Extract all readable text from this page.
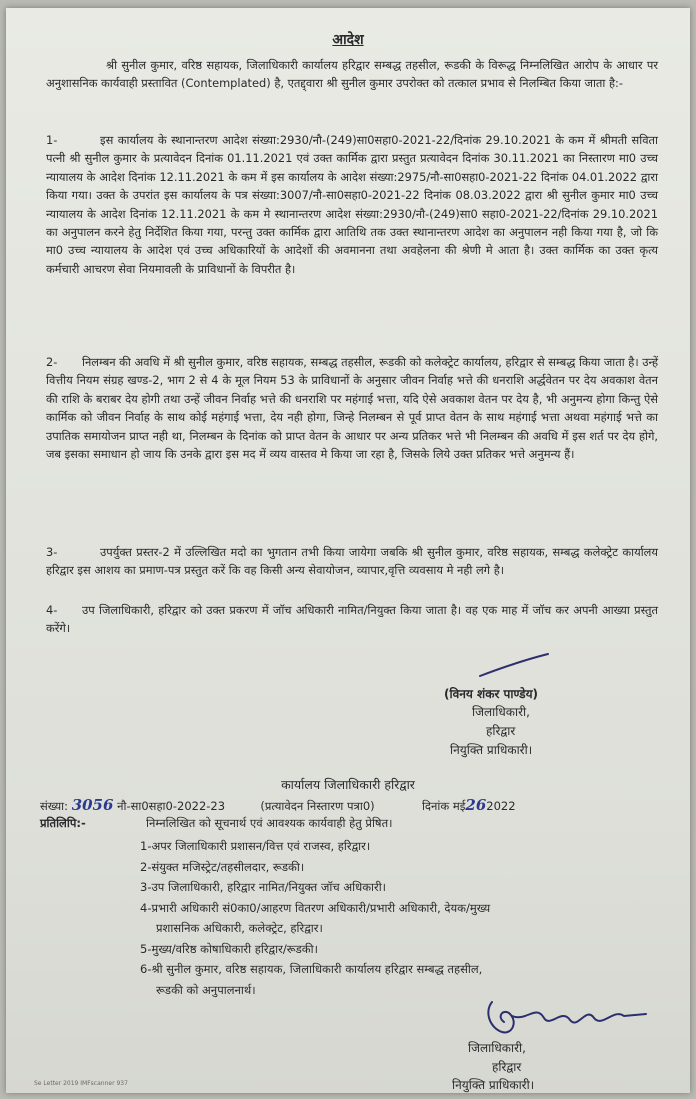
आदेश

श्री सुनील कुमार, वरिष्ठ सहायक, जिलाधिकारी कार्यालय हरिद्वार सम्बद्ध तहसील, रूडकी के विरूद्ध निम्नलिखित आरोप के आधार पर अनुशासनिक कार्यवाही प्रस्तावित (Contemplated) है, एतद्द्वारा श्री सुनील कुमार उपरोक्त को तत्काल प्रभाव से निलम्बित किया जाता है:-

1-	इस कार्यालय के स्थानान्तरण आदेश संख्या:2930/नौ-(249)सा0सहा0-2021-22/दिनांक 29.10.2021 के कम में श्रीमती सविता पत्नी श्री सुनील कुमार के प्रत्यावेदन दिनांक 01.11.2021 एवं उक्त कार्मिक द्वारा प्रस्तुत प्रत्यावेदन दिनांक 30.11.2021 का निस्तारण मा0 उच्च न्यायालय के आदेश दिनांक 12.11.2021 के कम में इस कार्यालय के आदेश संख्या:2975/नौ-सा0सहा0-2021-22 दिनांक 04.01.2022 द्वारा किया गया। उक्त के उपरांत इस कार्यालय के पत्र संख्या:3007/नौ-सा0सहा0-2021-22 दिनांक 08.03.2022 द्वारा श्री सुनील कुमार मा0 उच्च न्यायालय के आदेश दिनांक 12.11.2021 के कम मे स्थानान्तरण आदेश संख्या:2930/नौ-(249)सा0 सहा0-2021-22/दिनांक 29.10.2021 का अनुपालन करने हेतु निर्देशित किया गया, परन्तु उक्त कार्मिक द्वारा आतिथि तक उक्त स्थानान्तरण आदेश का अनुपालन नही किया गया है, जो कि मा0 उच्च न्यायालय के आदेश एवं उच्च अधिकारियों के आदेशों की अवमानना तथा अवहेलना की श्रेणी मे आता है। उक्त कार्मिक का उक्त कृत्य कर्मचारी आचरण सेवा नियमावली के प्राविधानों के विपरीत है।

2- निलम्बन की अवधि में श्री सुनील कुमार, वरिष्ठ सहायक, सम्बद्ध तहसील, रूडकी को कलेक्ट्रेट कार्यालय, हरिद्वार से सम्बद्ध किया जाता है। उन्हें वित्तीय नियम संग्रह खण्ड-2, भाग 2 से 4 के मूल नियम 53 के प्राविधानों के अनुसार जीवन निर्वाह भत्ते की धनराशि अर्द्धवेतन पर देय अवकाश वेतन की राशि के बराबर देय होगी तथा उन्हें जीवन निर्वाह भत्ते की धनराशि पर महंगाई भत्ता, यदि ऐसे अवकाश वेतन पर देय है, भी अनुमन्य होगा किन्तु ऐसे कार्मिक को जीवन निर्वाह के साथ कोई महंगाई भत्ता, देय नही होगा, जिन्हे निलम्बन से पूर्व प्राप्त वेतन के साथ महंगाई भत्ता अथवा महंगाई भत्ते का उपातिक समायोजन प्राप्त नही था, निलम्बन के दिनांक को प्राप्त वेतन के आधार पर अन्य प्रतिकर भत्ते भी निलम्बन की अवधि में इस शर्त पर देय होगे, जब इसका समाधान हो जाय कि उनके द्वारा इस मद में व्यय वास्तव मे किया जा रहा है, जिसके लिये उक्त प्रतिकर भत्ते अनुमन्य हैं।

3-	उपर्युक्त प्रस्तर-2 में उल्लिखित मदो का भुगतान तभी किया जायेगा जबकि श्री सुनील कुमार, वरिष्ठ सहायक, सम्बद्ध कलेक्ट्रेट कार्यालय हरिद्वार इस आशय का प्रमाण-पत्र प्रस्तुत करें कि वह किसी अन्य सेवायोजन, व्यापार,वृत्ति व्यवसाय मे नही लगे है।

4- उप जिलाधिकारी, हरिद्वार को उक्त प्रकरण में जॉच अधिकारी नामित/नियुक्त किया जाता है। वह एक माह में जॉच कर अपनी आख्या प्रस्तुत करेंगे।

(विनय शंकर पाण्डेय)
जिलाधिकारी,
हरिद्वार
नियुक्ति प्राधिकारी।
कार्यालय जिलाधिकारी हरिद्वार
संख्या: 3056 नौ-सा0सहा0-2022-23	(प्रत्यावेदन निस्तारण पत्रा0)	दिनांक मई262022
प्रतिलिपि:-	निम्नलिखित को सूचनार्थ एवं आवश्यक कार्यवाही हेतु प्रेषित।
1-अपर जिलाधिकारी प्रशासन/वित्त एवं राजस्व, हरिद्वार।
2-संयुक्त मजिस्ट्रेट/तहसीलदार, रूडकी।
3-उप जिलाधिकारी, हरिद्वार नामित/नियुक्त जॉच अधिकारी।
4-प्रभारी अधिकारी सं0का0/आहरण वितरण अधिकारी/प्रभारी अधिकारी, देयक/मुख्य
प्रशासनिक अधिकारी, कलेक्ट्रेट, हरिद्वार।
5-मुख्य/वरिष्ठ कोषाधिकारी हरिद्वार/रूडकी।
6-श्री सुनील कुमार, वरिष्ठ सहायक, जिलाधिकारी कार्यालय हरिद्वार सम्बद्ध तहसील,
रूडकी को अनुपालनार्थ।
जिलाधिकारी,
हरिद्वार
नियुक्ति प्राधिकारी।
Se Letter 2019 IMFscanner 937
